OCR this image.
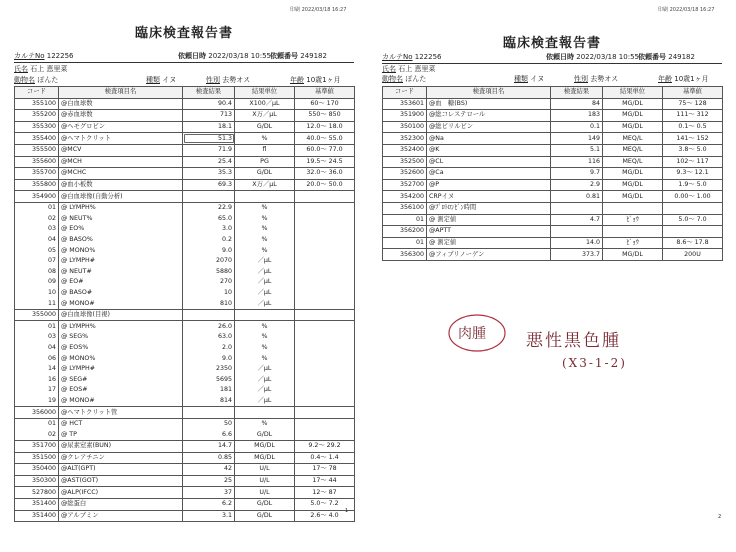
印刷 2022/03/18 16:27
臨床検査報告書
カルテNo 122256	依頼日時 2022/03/18 10:55 依頼番号 249182
氏名 石上 恵里菜
動物名 ぽんた	種類 イヌ	性別 去勢オス	年齢 10歳1ヶ月
コード	検査項目名	検査結果	結果単位	基準値
355100	@白血球数	90.4	X100／μL	60～ 170
355200	@赤血球数	713	X万／μL	550～ 850
355300	@ヘモグロビン	18.1	G/DL	12.0～ 18.0
355400	@ヘマトクリット	51.3	%	40.0～ 55.0
355500	@MCV	71.9	fl	60.0～ 77.0
355600	@MCH	25.4	PG	19.5～ 24.5
355700	@MCHC	35.3	G/DL	32.0～ 36.0
355800	@血小板数	69.3	X万／μL	20.0～ 50.0
354900	@白血球像(自動分析)			
01	@ LYMPH%	22.9	%	
02	@ NEUT%	65.0	%	
03	@ EO%	3.0	%	
04	@ BASO%	0.2	%	
05	@ MONO%	9.0	%	
07	@ LYMPH#	2070	／μL	
08	@ NEUT#	5880	／μL	
09	@ EO#	270	／μL	
10	@ BASO#	10	／μL	
11	@ MONO#	810	／μL	
355000	@白血球像(目視)			
01	@ LYMPH%	26.0	%	
03	@ SEG%	63.0	%	
04	@ EOS%	2.0	%	
06	@ MONO%	9.0	%	
14	@ LYMPH#	2350	／μL	
16	@ SEG#	5695	／μL	
17	@ EOS#	181	／μL	
19	@ MONO#	814	／μL	
356000	@ヘマトクリット管			
01	@ HCT	50	%	
02	@ TP	6.6	G/DL	
351700	@尿素窒素(BUN)	14.7	MG/DL	9.2～ 29.2
351500	@クレアチニン	0.85	MG/DL	0.4～ 1.4
350400	@ALT(GPT)	42	U/L	17～ 78
350300	@AST(GOT)	25	U/L	17～ 44
527800	@ALP(IFCC)	37	U/L	12～ 87
351400	@総蛋白	6.2	G/DL	5.0～ 7.2
351400	@アルブミン	3.1	G/DL	2.6～ 4.0
1
印刷 2022/03/18 16:27
臨床検査報告書
カルテNo 122256	依頼日時 2022/03/18 10:55 依頼番号 249182
氏名 石上 恵里菜
動物名 ぽんた	種類 イヌ	性別 去勢オス	年齢 10歳1ヶ月
コード	検査項目名	検査結果	結果単位	基準値
353601	@血　糖(BS)	84	MG/DL	75～ 128
351900	@総コレステロール	183	MG/DL	111～ 312
350100	@総ビリルビン	0.1	MG/DL	0.1～ 0.5
352300	@Na	149	MEQ/L	141～ 152
352400	@K	5.1	MEQ/L	3.8～ 5.0
352500	@CL	116	MEQ/L	102～ 117
352600	@Ca	9.7	MG/DL	9.3～ 12.1
352700	@P	2.9	MG/DL	1.9～ 5.0
354200	CRPイヌ	0.81	MG/DL	0.00～ 1.00
356100	@ﾌﾟﾛﾄﾛﾝﾋﾞﾝ時間			
01	@ 測定値	4.7	ﾋﾞｮｳ	5.0～ 7.0
356200	@APTT			
01	@ 測定値	14.0	ﾋﾞｮｳ	8.6～ 17.8
356300	@フィブリノーゲン	373.7	MG/DL	200U
肉腫 悪性黒色腫
(X3-1-2)
2
